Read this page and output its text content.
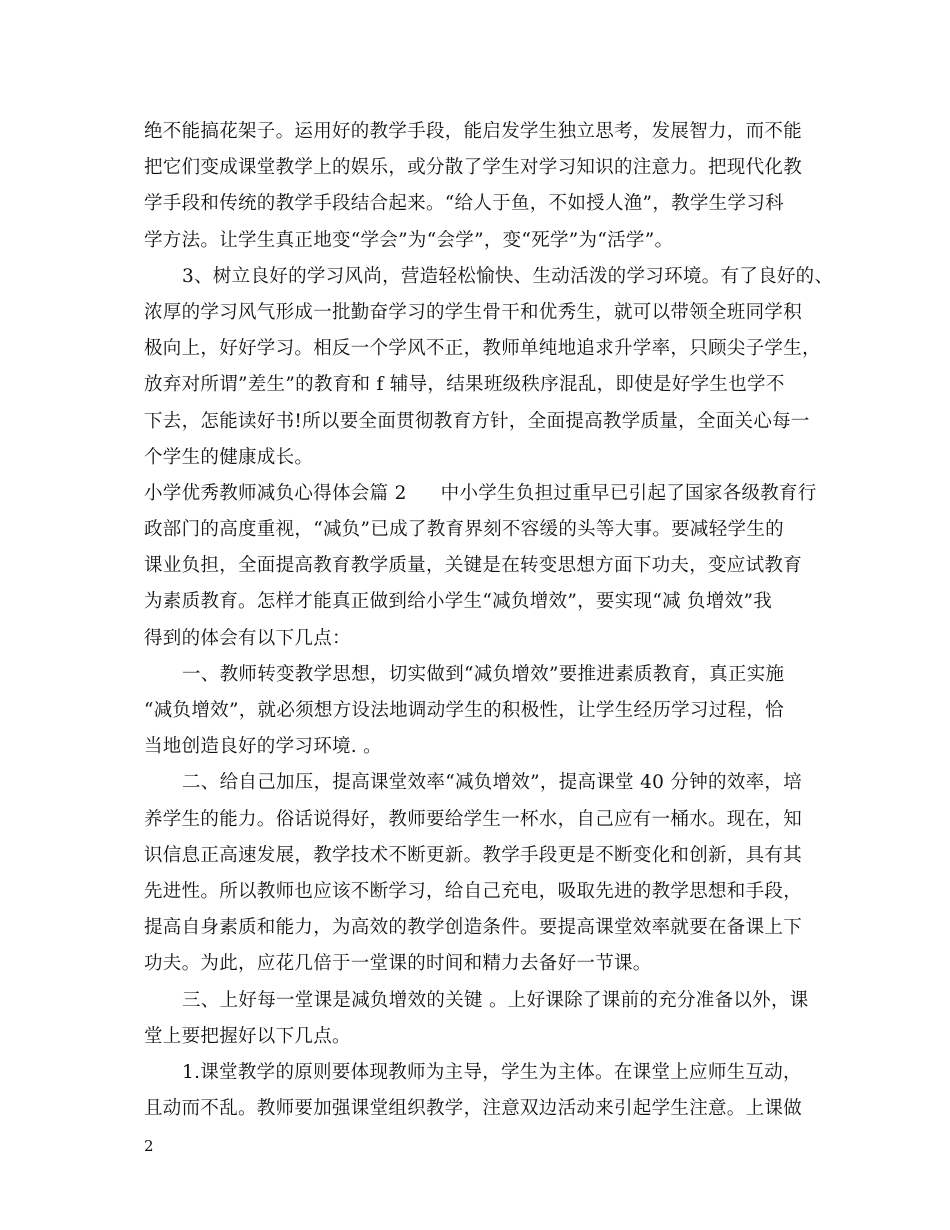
绝不能搞花架子。运用好的教学手段，能启发学生独立思考，发展智力，而不能
把它们变成课堂教学上的娱乐，或分散了学生对学习知识的注意力。把现代化教
学手段和传统的教学手段结合起来。“给人于鱼，不如授人渔”，教学生学习科
学方法。让学生真正地变“学会”为“会学”，变“死学”为“活学”。
3、树立良好的学习风尚，营造轻松愉快、生动活泼的学习环境。有了良好的、
浓厚的学习风气形成一批勤奋学习的学生骨干和优秀生，就可以带领全班同学积
极向上，好好学习。相反一个学风不正，教师单纯地追求升学率，只顾尖子学生，
放弃对所谓”差生”的教育和 f 辅导，结果班级秩序混乱，即使是好学生也学不
下去，怎能读好书!所以要全面贯彻教育方针，全面提高教学质量，全面关心每一
个学生的健康成长。
小学优秀教师减负心得体会篇 2 中小学生负担过重早已引起了国家各级教育行
政部门的高度重视，“减负”已成了教育界刻不容缓的头等大事。要减轻学生的
课业负担，全面提高教育教学质量，关键是在转变思想方面下功夫，变应试教育
为素质教育。怎样才能真正做到给小学生“减负增效”，要实现“减 负增效”我
得到的体会有以下几点：
一、教师转变教学思想，切实做到“减负增效”要推进素质教育，真正实施
“减负增效”，就必须想方设法地调动学生的积极性，让学生经历学习过程，恰
当地创造良好的学习环境. 。
二、给自己加压，提高课堂效率“减负增效”，提高课堂 40 分钟的效率，培
养学生的能力。俗话说得好，教师要给学生一杯水，自己应有一桶水。现在，知
识信息正高速发展，教学技术不断更新。教学手段更是不断变化和创新，具有其
先进性。所以教师也应该不断学习，给自己充电，吸取先进的教学思想和手段，
提高自身素质和能力，为高效的教学创造条件。要提高课堂效率就要在备课上下
功夫。为此，应花几倍于一堂课的时间和精力去备好一节课。
三、上好每一堂课是减负增效的关键 。上好课除了课前的充分准备以外，课
堂上要把握好以下几点。
1.课堂教学的原则要体现教师为主导，学生为主体。在课堂上应师生互动，
且动而不乱。教师要加强课堂组织教学，注意双边活动来引起学生注意。上课做
2
